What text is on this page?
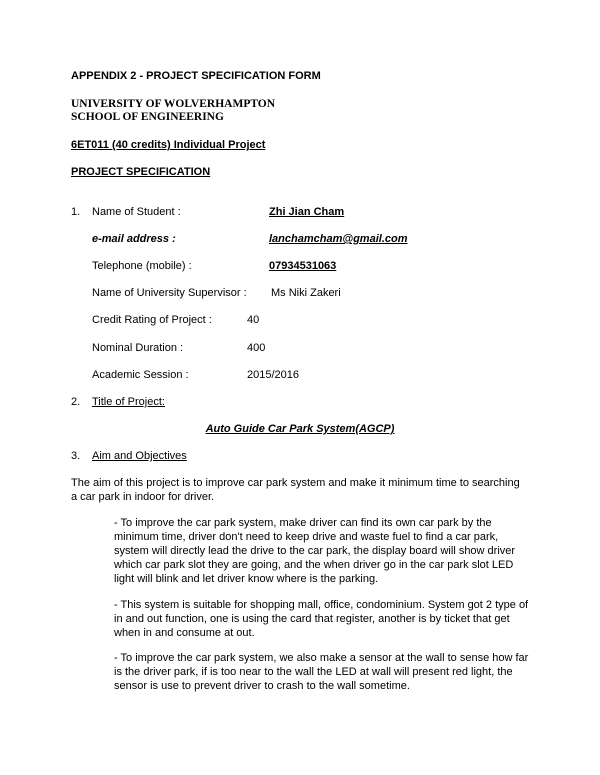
APPENDIX 2 - PROJECT SPECIFICATION FORM
UNIVERSITY OF WOLVERHAMPTON
SCHOOL OF ENGINEERING
6ET011 (40 credits) Individual Project
PROJECT SPECIFICATION
1. Name of Student :	Zhi Jian Cham
e-mail address :	lanchamcham@gmail.com
Telephone (mobile) :	07934531063
Name of University Supervisor : Ms Niki Zakeri
Credit Rating of Project :	40
Nominal Duration :	400
Academic Session :	2015/2016
2. Title of Project:
Auto Guide Car Park System(AGCP)
3. Aim and Objectives
The aim of this project is to improve car park system and make it minimum time to searching a car park in indoor for driver.
- To improve the car park system, make driver can find its own car park by the minimum time, driver don't need to keep drive and waste fuel to find a car park, system will directly lead the drive to the car park, the display board will show driver which car park slot they are going, and the when driver go in the car park slot LED light will blink and let driver know where is the parking.
- This system is suitable for shopping mall, office, condominium. System got 2 type of in and out function, one is using the card that register, another is by ticket that get when in and consume at out.
- To improve the car park system, we also make a sensor at the wall to sense how far is the driver park, if is too near to the wall the LED at wall will present red light, the sensor is use to prevent driver to crash to the wall sometime.
